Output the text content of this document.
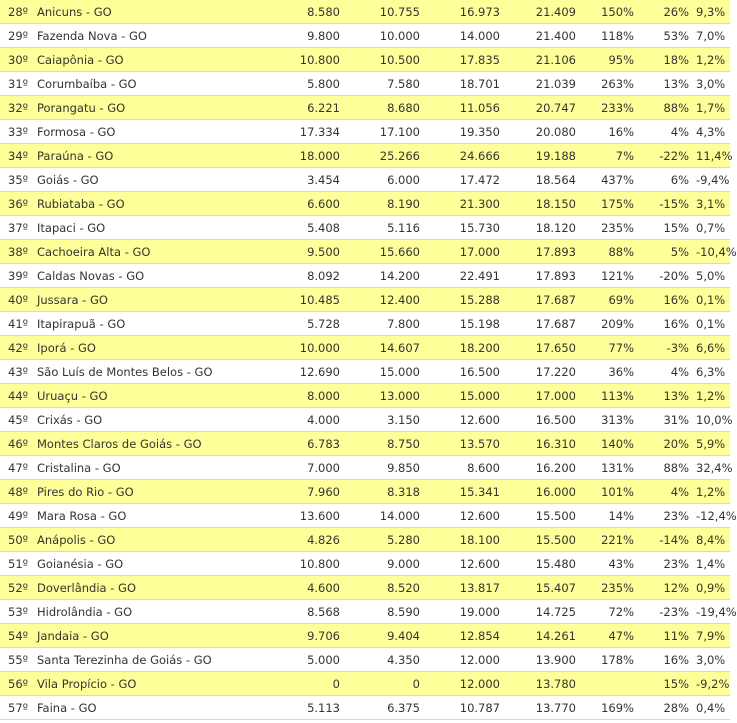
28º	Anicuns - GO	8.580	10.755	16.973	21.409	150%	26%	9,3%
29º	Fazenda Nova - GO	9.800	10.000	14.000	21.400	118%	53%	7,0%
30º	Caiapônia - GO	10.800	10.500	17.835	21.106	95%	18%	1,2%
31º	Corumbaíba - GO	5.800	7.580	18.701	21.039	263%	13%	3,0%
32º	Porangatu - GO	6.221	8.680	11.056	20.747	233%	88%	1,7%
33º	Formosa - GO	17.334	17.100	19.350	20.080	16%	4%	4,3%
34º	Paraúna - GO	18.000	25.266	24.666	19.188	7%	-22%	11,4%
35º	Goiás - GO	3.454	6.000	17.472	18.564	437%	6%	-9,4%
36º	Rubiataba - GO	6.600	8.190	21.300	18.150	175%	-15%	3,1%
37º	Itapaci - GO	5.408	5.116	15.730	18.120	235%	15%	0,7%
38º	Cachoeira Alta - GO	9.500	15.660	17.000	17.893	88%	5%	-10,4%
39º	Caldas Novas - GO	8.092	14.200	22.491	17.893	121%	-20%	5,0%
40º	Jussara - GO	10.485	12.400	15.288	17.687	69%	16%	0,1%
41º	Itapirapuã - GO	5.728	7.800	15.198	17.687	209%	16%	0,1%
42º	Iporá - GO	10.000	14.607	18.200	17.650	77%	-3%	6,6%
43º	São Luís de Montes Belos - GO	12.690	15.000	16.500	17.220	36%	4%	6,3%
44º	Uruaçu - GO	8.000	13.000	15.000	17.000	113%	13%	1,2%
45º	Crixás - GO	4.000	3.150	12.600	16.500	313%	31%	10,0%
46º	Montes Claros de Goiás - GO	6.783	8.750	13.570	16.310	140%	20%	5,9%
47º	Cristalina - GO	7.000	9.850	8.600	16.200	131%	88%	32,4%
48º	Pires do Rio - GO	7.960	8.318	15.341	16.000	101%	4%	1,2%
49º	Mara Rosa - GO	13.600	14.000	12.600	15.500	14%	23%	-12,4%
50º	Anápolis - GO	4.826	5.280	18.100	15.500	221%	-14%	8,4%
51º	Goianésia - GO	10.800	9.000	12.600	15.480	43%	23%	1,4%
52º	Doverlândia - GO	4.600	8.520	13.817	15.407	235%	12%	0,9%
53º	Hidrolândia - GO	8.568	8.590	19.000	14.725	72%	-23%	-19,4%
54º	Jandaia - GO	9.706	9.404	12.854	14.261	47%	11%	7,9%
55º	Santa Terezinha de Goiás - GO	5.000	4.350	12.000	13.900	178%	16%	3,0%
56º	Vila Propício - GO	0	0	12.000	13.780		15%	-9,2%
57º	Faina - GO	5.113	6.375	10.787	13.770	169%	28%	0,4%
